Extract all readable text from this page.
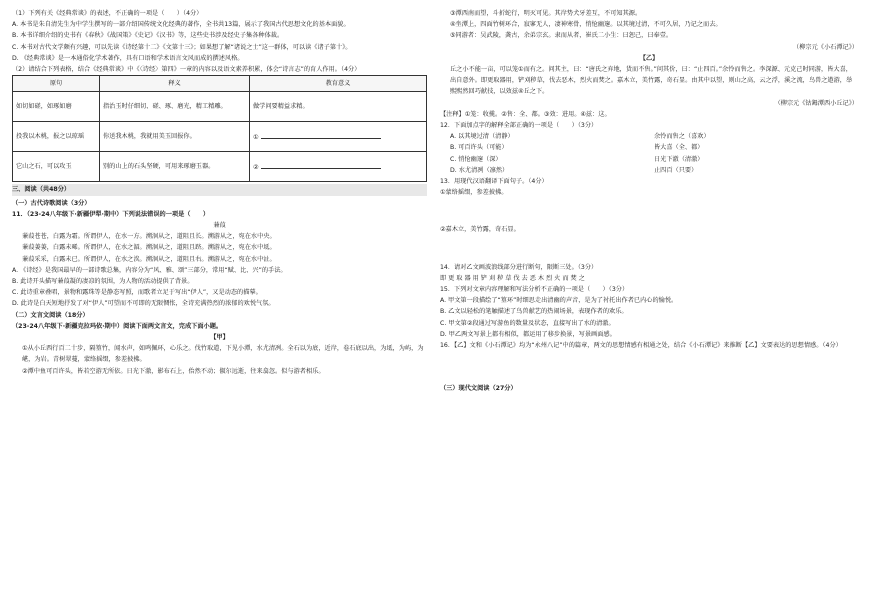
（1）下列有关《经典常谈》的表述，不正确的一项是（　　）（4分）
A. 本书是朱自清先生为中学生撰写的一部介绍国传统文化经典的著作，全书共13篇，展示了我国古代思想文化的基本面貌。
B. 本书详细介绍的史书有《春秋》《战国策》《史记》《汉书》等，这些史书涉及经史子集各种体裁。
C. 本书对古代文学颇有兴趣，可以先读《诗经第十二》《文第十三》；如果想了解“诸说之士”这一群体，可以读《诸子第十》。
D. 《经典常谈》是一本通俗化学术著作，具有口语和学术语言文风而成的撰述风格。
（2）请结合下列表格，结合《经典常谈》中《〈诗经〉第四》一章的内容以及语文素养积累，体会“诗言志”的育人作用。（4分）
原句	释义	教育意义
如切如磋，如琢如磨	指治玉时仔细切、磋、琢、磨光，精工精雕。	做学问要精益求精。
投我以木桃，报之以琼瑶	你送我木桃，我就用美玉回报你。	①
它山之石，可以攻玉	别的山上的石头坚硬，可用来琢磨玉器。	②
三、阅读（共48分）
（一）古代诗歌阅读（3分）
11．（23-24八年级下·新疆伊犁·期中）下列说法错误的一项是（　　）
蒹葭
蒹葭苍苍，白露为霜。所谓伊人，在水一方。溯洄从之，道阻且长。溯游从之，宛在水中央。
蒹葭萋萋，白露未晞。所谓伊人，在水之湄。溯洄从之，道阻且跻。溯游从之，宛在水中坻。
蒹葭采采，白露未已。所谓伊人，在水之涘。溯洄从之，道阻且右。溯游从之，宛在水中沚。
A. 《诗经》是我国最早的一部诗歌总集，内容分为“风、雅、颂”三部分，常用“赋、比、兴”的手法。
B. 此诗开头描写蒹葭凝的凄凉的氛围，为人物的活动提供了背景。
C. 此诗重章叠唱，景物和露珠等是静态写照，而歌者立足于写出“伊人”，又是动态的描摹。
D. 此诗是白天短地抒发了对“伊人”可望而不可即的无限惆怅，全诗充满热烈的浓郁的欢悦气氛。
（二）文言文阅读（18分）
（23-24八年级下·新疆克拉玛依·期中）阅读下面两文言文，完成下面小题。
【甲】
①从小丘西行百二十步，隔篁竹，闻水声，如鸣佩环，心乐之。伐竹取道，下见小潭，水尤清冽。全石以为底，近岸，卷石底以出，为坻，为屿，为嵁，为岩。青树翠蔓，蒙络摇缀，参差披拂。
②潭中鱼可百许头，皆若空游无所依。日光下澈，影布石上，佁然不动；俶尔远逝，往来翕忽。似与游者相乐。
③潭西南而望，斗折蛇行，明灭可见。其岸势犬牙差互，不可知其源。
④坐潭上，四面竹树环合，寂寥无人，凄神寒骨，悄怆幽邃。以其境过清，不可久居，乃记之而去。
⑤同游者：吴武陵，龚古，余弟宗玄。隶而从者，崔氏二小生：曰恕己，曰奉壹。
（柳宗元《小石潭记》）
【乙】
丘之小不能一亩，可以笼①而有之。问其主，曰：“唐氏之弃地，货而不售。”问其价，曰：“止四百。”余怜而售之。李深源、元克己时同游，皆大喜，出自意外。即更取器用，铲刈秽草，伐去恶木，烈火而焚之。嘉木立，美竹露，奇石显。由其中以望，则山之高，云之浮，溪之流，鸟兽之遨游，举熙熙然回巧献技，以效兹④丘之下。
（柳宗元《钴鉧潭西小丘记》）
【注释】①笼：收揽。②售：全、都。③效：进用。④兹：这。
12．下面加点字的解释全部正确的一项是（　　）（3分）
A. 以其境过清（清静）	余怜而售之（喜欢）
B. 可百许头（可能）	皆大喜（全、都）
C. 悄怆幽邃（深）	日光下澈（清澈）
D. 水尤清冽（凛然）	止四百（只要）
13．用现代汉语翻译下面句子。（4分）
①蒙络摇缀，参差披拂。
②嘉木立，美竹露，奇石显。
14．请对乙文画波浪线部分进行断句，限断三处。（3分）
即 更 取 器 用 铲 刈 秽 草 伐 去 恶 木 烈 火 而 焚 之
15．下列对文章内容理解和写法分析不正确的一项是（　　）（3分）
A. 甲文第一段描绘了“篁环”时细思走出清幽的声音，是为了衬托出作者已内心的愉悦。
B. 乙文以轻松的笔触描述了鸟兽献艺的热闹场景，表现作者的欢乐。
C. 甲文第②段通过写游鱼的数量及状态，直接写出了水的清澈。
D. 甲乙两文写景上都有相似，都运用了移步换景，写景画面感。
16．【乙】文和《小石潭记》均为“永州八记”中的篇章，两文的思想情感有相通之处，结合《小石潭记》来推断【乙】文要表达的思想情感。（4分）
（三）现代文阅读（27分）
